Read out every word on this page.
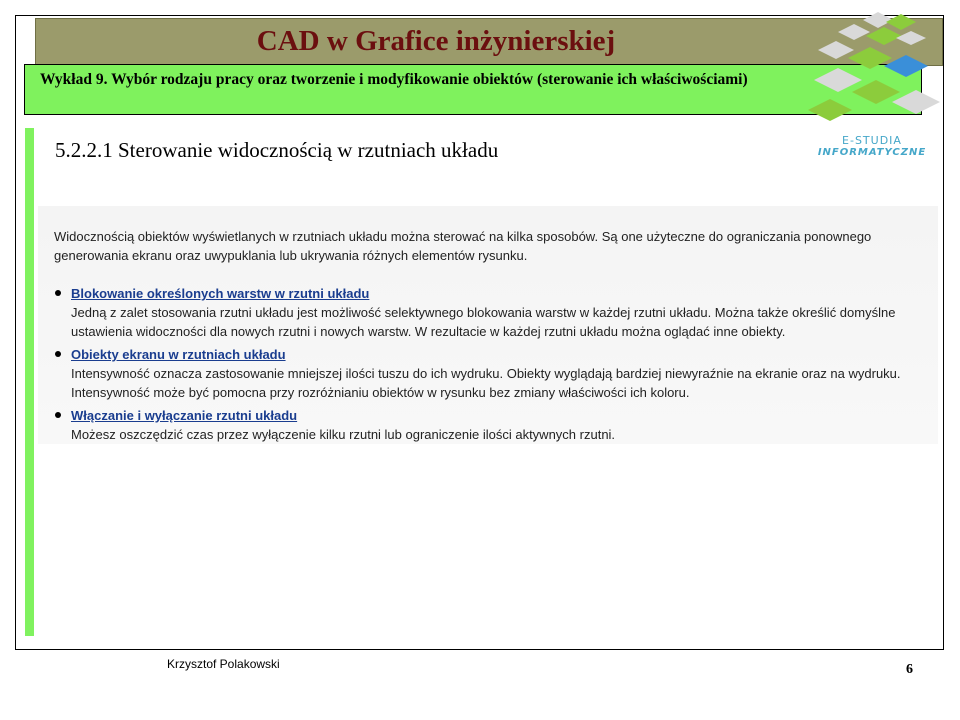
CAD w Grafice inżynierskiej
Wykład 9. Wybór rodzaju pracy oraz tworzenie i modyfikowanie obiektów (sterowanie ich właściwościami)
E-STUDIA
INFORMATYCZNE
5.2.2.1 Sterowanie widocznością w rzutniach układu
Widocznością obiektów wyświetlanych w rzutniach układu można sterować na kilka sposobów. Są one użyteczne do ograniczania ponownego generowania ekranu oraz uwypuklania lub ukrywania różnych elementów rysunku.
Blokowanie określonych warstw w rzutni układu
Jedną z zalet stosowania rzutni układu jest możliwość selektywnego blokowania warstw w każdej rzutni układu. Można także określić domyślne ustawienia widoczności dla nowych rzutni i nowych warstw. W rezultacie w każdej rzutni układu można oglądać inne obiekty.
Obiekty ekranu w rzutniach układu
Intensywność oznacza zastosowanie mniejszej ilości tuszu do ich wydruku. Obiekty wyglądają bardziej niewyraźnie na ekranie oraz na wydruku. Intensywność może być pomocna przy rozróżnianiu obiektów w rysunku bez zmiany właściwości ich koloru.
Włączanie i wyłączanie rzutni układu
Możesz oszczędzić czas przez wyłączenie kilku rzutni lub ograniczenie ilości aktywnych rzutni.
Krzysztof Polakowski	6
